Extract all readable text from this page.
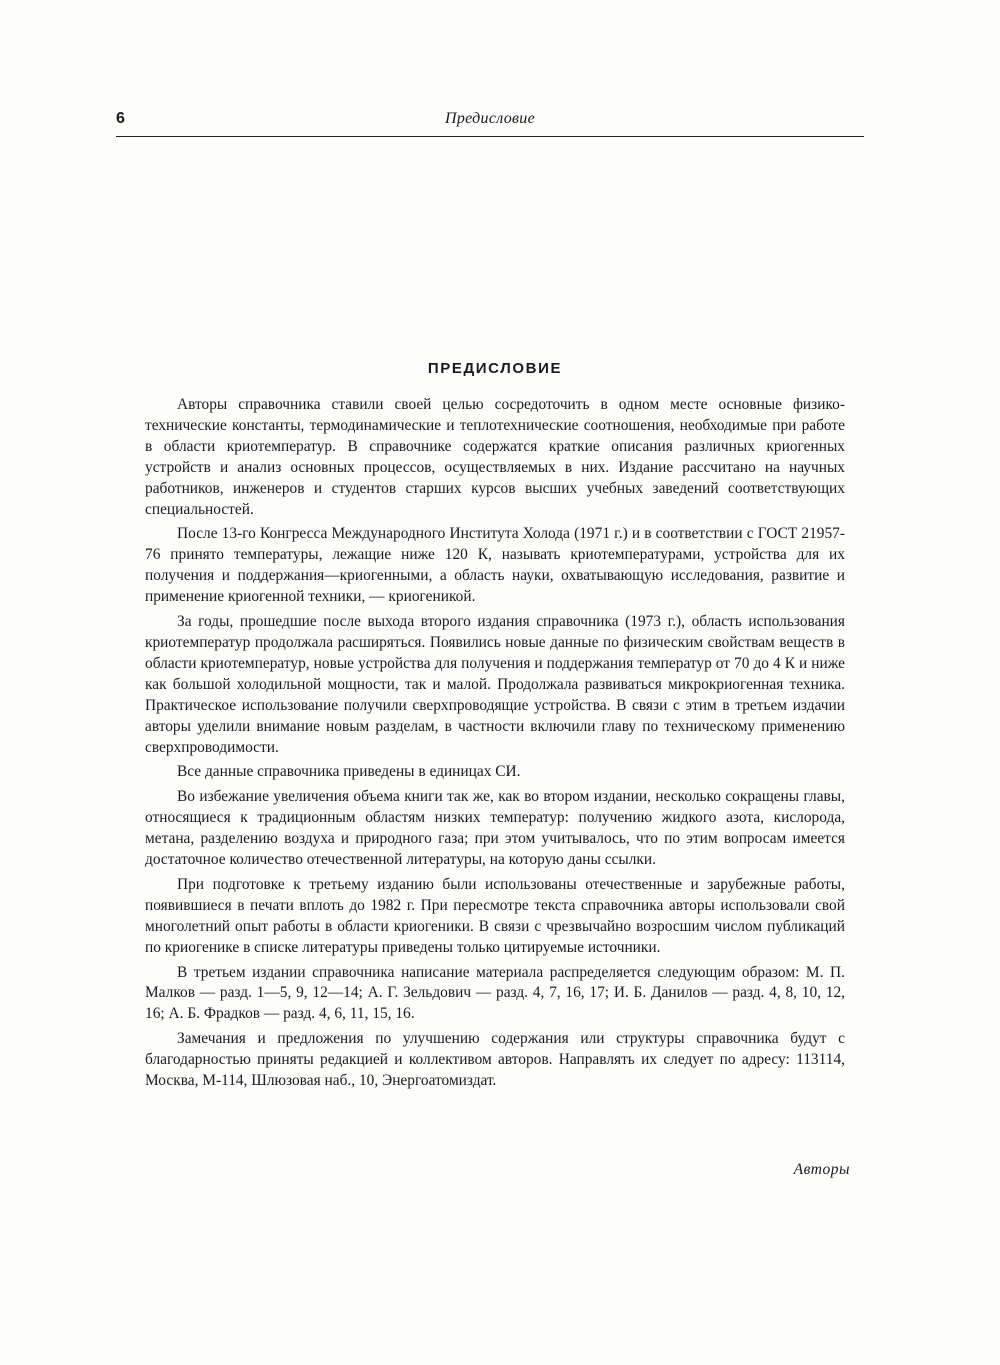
6	Предисловие
ПРЕДИСЛОВИЕ

Авторы справочника ставили своей целью сосредоточить в одном месте основные физико-технические константы, термодинамические и теплотехнические соотношения, необходимые при работе в области криотемператур. В справочнике содержатся краткие описания различных криогенных устройств и анализ основных процессов, осуществляемых в них. Издание рассчитано на научных работников, инженеров и студентов старших курсов высших учебных заведений соответствующих специальностей.

После 13-го Конгресса Международного Института Холода (1971 г.) и в соответствии с ГОСТ 21957-76 принято температуры, лежащие ниже 120 К, называть криотемпературами, устройства для их получения и поддержания—криогенными, а область науки, охватывающую исследования, развитие и применение криогенной техники, — криогеникой.

За годы, прошедшие после выхода второго издания справочника (1973 г.), область использования криотемператур продолжала расширяться. Появились новые данные по физическим свойствам веществ в области криотемператур, новые устройства для получения и поддержания температур от 70 до 4 К и ниже как большой холодильной мощности, так и малой. Продолжала развиваться микрокриогенная техника. Практическое использование получили сверхпроводящие устройства. В связи с этим в третьем издачии авторы уделили внимание новым разделам, в частности включили главу по техническому применению сверхпроводимости.

Все данные справочника приведены в единицах СИ.

Во избежание увеличения объема книги так же, как во втором издании, несколько сокращены главы, относящиеся к традиционным областям низких температур: получению жидкого азота, кислорода, метана, разделению воздуха и природного газа; при этом учитывалось, что по этим вопросам имеется достаточное количество отечественной литературы, на которую даны ссылки.

При подготовке к третьему изданию были использованы отечественные и зарубежные работы, появившиеся в печати вплоть до 1982 г. При пересмотре текста справочника авторы использовали свой многолетний опыт работы в области криогеники. В связи с чрезвычайно возросшим числом публикаций по криогенике в списке литературы приведены только цитируемые источники.

В третьем издании справочника написание материала распределяется следующим образом: М. П. Малков — разд. 1—5, 9, 12—14; А. Г. Зельдович — разд. 4, 7, 16, 17; И. Б. Данилов — разд. 4, 8, 10, 12, 16; А. Б. Фрадков — разд. 4, 6, 11, 15, 16.

Замечания и предложения по улучшению содержания или структуры справочника будут с благодарностью приняты редакцией и коллективом авторов. Направлять их следует по адресу: 113114, Москва, М-114, Шлюзовая наб., 10, Энергоатомиздат.

Авторы
